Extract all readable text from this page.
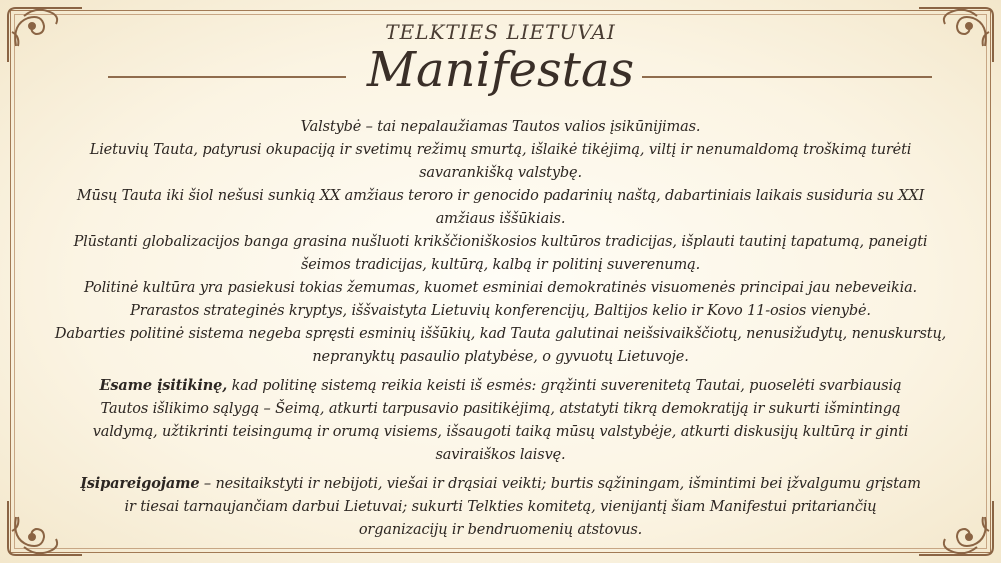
TELKTIES LIETUVAI
Manifestas

Valstybė – tai nepalaužiamas Tautos valios įsikūnijimas.

Lietuvių Tauta, patyrusi okupaciją ir svetimų režimų smurtą, išlaikė tikėjimą, viltį ir nenumaldomą troškimą turėti savarankišką valstybę.

Mūsų Tauta iki šiol nešusi sunkią XX amžiaus teroro ir genocido padarinių naštą, dabartiniais laikais susiduria su XXI amžiaus iššūkiais.

Plūstanti globalizacijos banga grasina nušluoti krikščioniškosios kultūros tradicijas, išplauti tautinį tapatumą, paneigti šeimos tradicijas, kultūrą, kalbą ir politinį suverenumą.

Politinė kultūra yra pasiekusi tokias žemumas, kuomet esminiai demokratinės visuomenės principai jau nebeveikia.

Prarastos strateginės kryptys, iššvaistyta Lietuvių konferencijų, Baltijos kelio ir Kovo 11-osios vienybė.

Dabarties politinė sistema negeba spręsti esminių iššūkių, kad Tauta galutinai neišsivaikščiotų, nenusižudytų, nenuskurstų, nepranyktų pasaulio platybėse, o gyvuotų Lietuvoje.

Esame įsitikinę, kad politinę sistemą reikia keisti iš esmės: grąžinti suverenitetą Tautai, puoselėti svarbiausią Tautos išlikimo sąlygą – Šeimą, atkurti tarpusavio pasitikėjimą, atstatyti tikrą demokratiją ir sukurti išmintingą valdymą, užtikrinti teisingumą ir orumą visiems, išsaugoti taiką mūsų valstybėje, atkurti diskusijų kultūrą ir ginti saviraiškos laisvę.

Įsipareigojame – nesitaikstyti ir nebijoti, viešai ir drąsiai veikti; burtis sąžiningam, išmintimi bei įžvalgumu grįstam ir tiesai tarnaujančiam darbui Lietuvai; sukurti Telkties komitetą, vienijantį šiam Manifestui pritariančių organizacijų ir bendruomenių atstovus.
